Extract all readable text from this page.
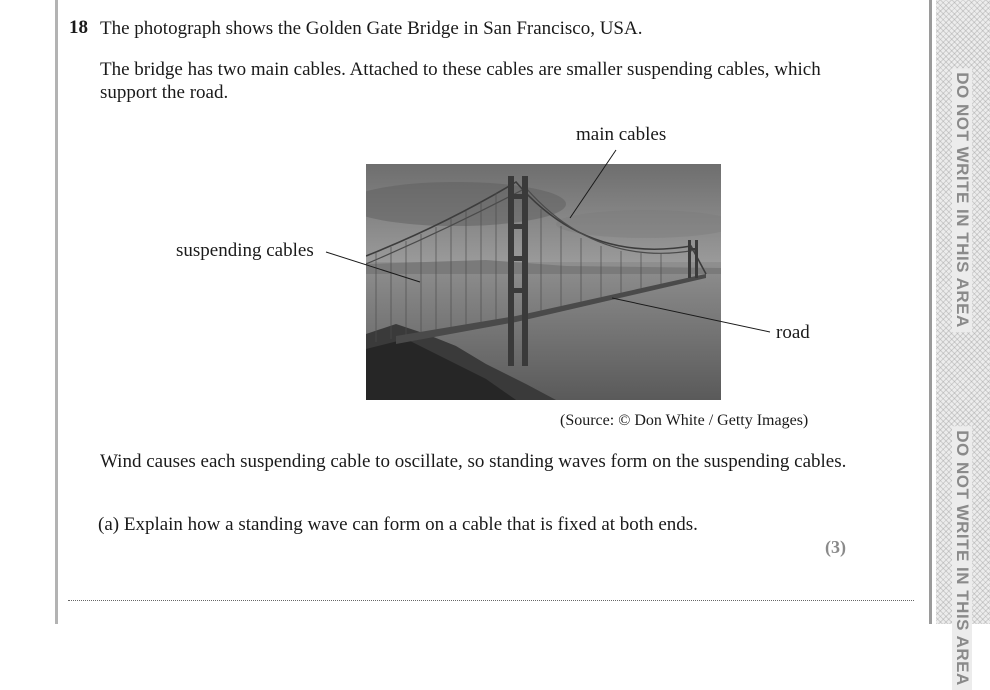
DO NOT WRITE IN THIS AREA
DO NOT WRITE IN THIS AREA
18 The photograph shows the Golden Gate Bridge in San Francisco, USA.
The bridge has two main cables. Attached to these cables are smaller suspending cables, which support the road.
main cables
suspending cables
road
(Source: © Don White / Getty Images)
Wind causes each suspending cable to oscillate, so standing waves form on the suspending cables.
(a) Explain how a standing wave can form on a cable that is fixed at both ends.
(3)
